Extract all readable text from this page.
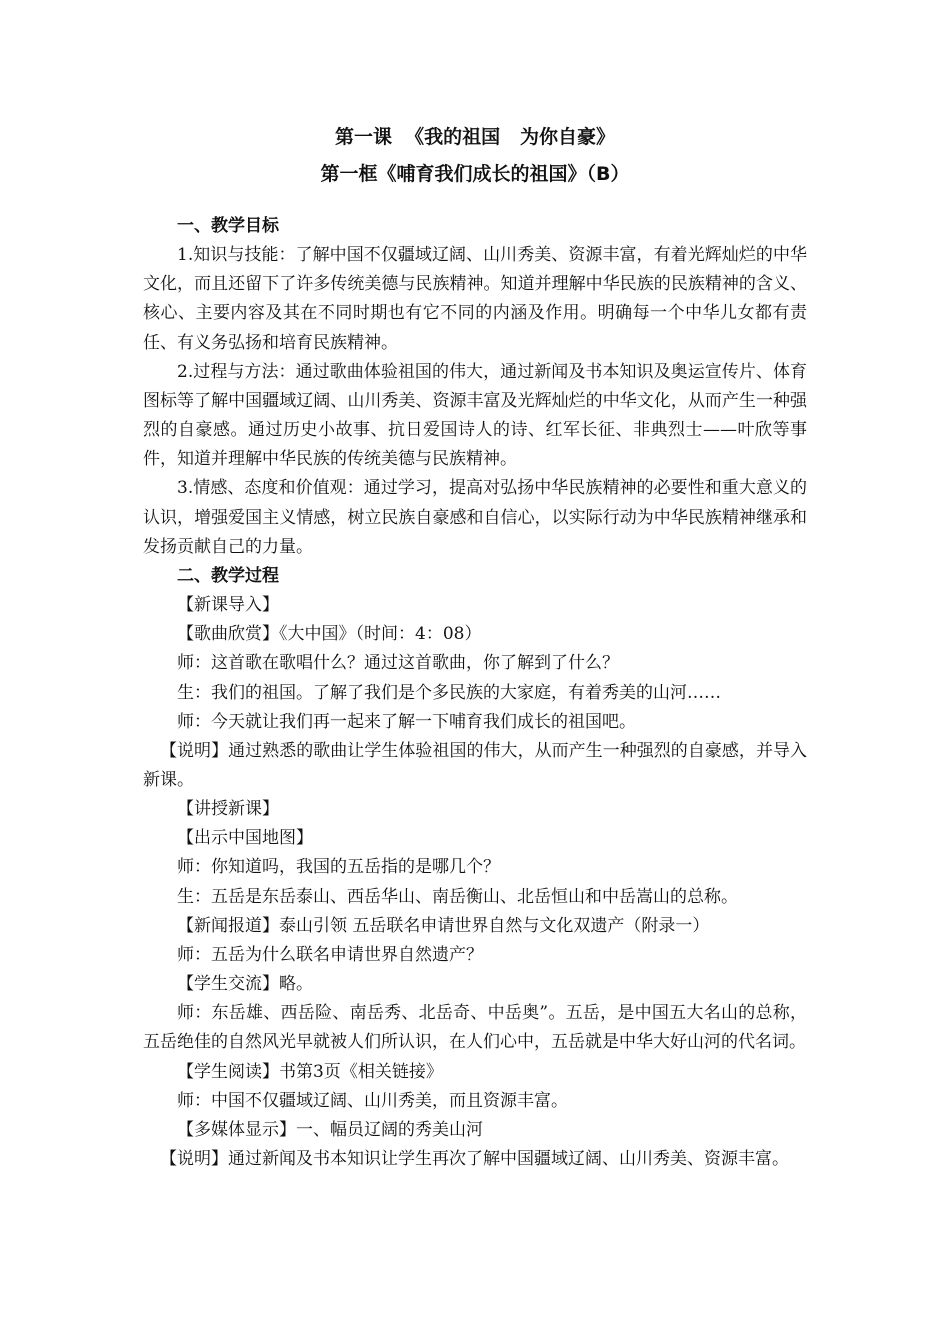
第一课  《我的祖国   为你自豪》
第一框《哺育我们成长的祖国》（B）

一、教学目标

1.知识与技能：了解中国不仅疆域辽阔、山川秀美、资源丰富，有着光辉灿烂的中华文化，而且还留下了许多传统美德与民族精神。知道并理解中华民族的民族精神的含义、核心、主要内容及其在不同时期也有它不同的内涵及作用。明确每一个中华儿女都有责任、有义务弘扬和培育民族精神。

2.过程与方法：通过歌曲体验祖国的伟大，通过新闻及书本知识及奥运宣传片、体育图标等了解中国疆域辽阔、山川秀美、资源丰富及光辉灿烂的中华文化，从而产生一种强烈的自豪感。通过历史小故事、抗日爱国诗人的诗、红军长征、非典烈士——叶欣等事件，知道并理解中华民族的传统美德与民族精神。

3.情感、态度和价值观：通过学习，提高对弘扬中华民族精神的必要性和重大意义的认识，增强爱国主义情感，树立民族自豪感和自信心，以实际行动为中华民族精神继承和发扬贡献自己的力量。

二、教学过程

【新课导入】

【歌曲欣赏】《大中国》（时间：4：08）

师：这首歌在歌唱什么？通过这首歌曲，你了解到了什么？

生：我们的祖国。了解了我们是个多民族的大家庭，有着秀美的山河……

师：今天就让我们再一起来了解一下哺育我们成长的祖国吧。

【说明】通过熟悉的歌曲让学生体验祖国的伟大，从而产生一种强烈的自豪感，并导入新课。

【讲授新课】

【出示中国地图】

师：你知道吗，我国的五岳指的是哪几个？

生：五岳是东岳泰山、西岳华山、南岳衡山、北岳恒山和中岳嵩山的总称。

【新闻报道】泰山引领 五岳联名申请世界自然与文化双遗产（附录一）

师：五岳为什么联名申请世界自然遗产？

【学生交流】略。

师：东岳雄、西岳险、南岳秀、北岳奇、中岳奥”。五岳，是中国五大名山的总称，五岳绝佳的自然风光早就被人们所认识，在人们心中，五岳就是中华大好山河的代名词。

【学生阅读】书第3页《相关链接》

师：中国不仅疆域辽阔、山川秀美，而且资源丰富。

【多媒体显示】一、幅员辽阔的秀美山河

【说明】通过新闻及书本知识让学生再次了解中国疆域辽阔、山川秀美、资源丰富。
